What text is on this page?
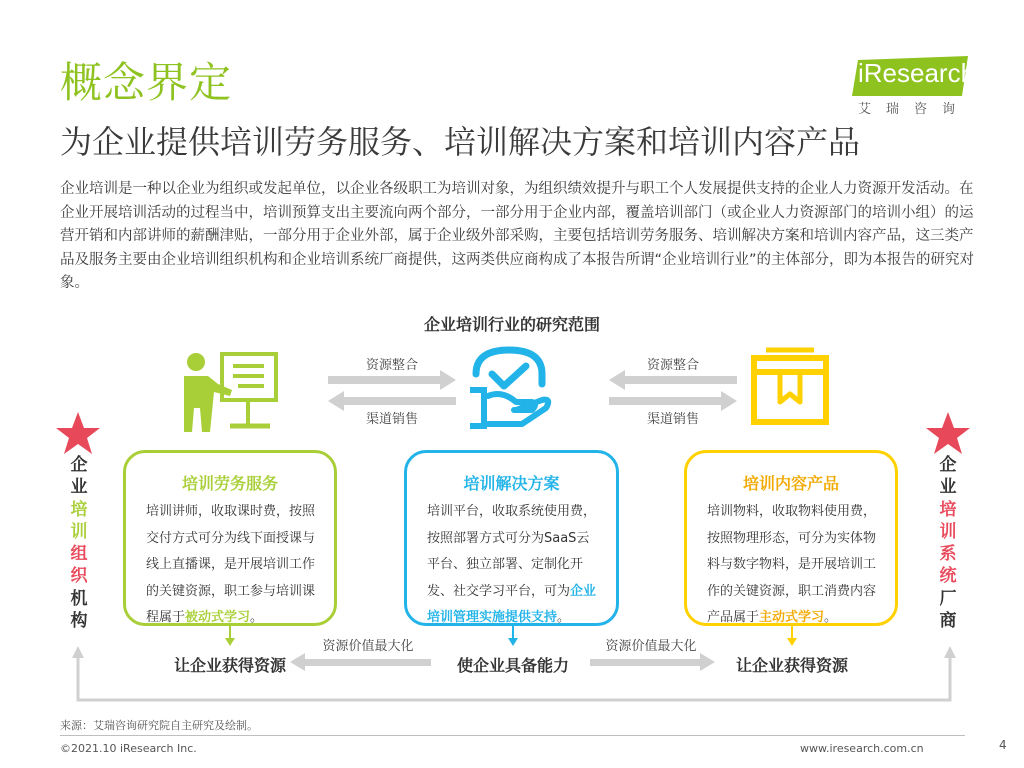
概念界定
为企业提供培训劳务服务、培训解决方案和培训内容产品
iResearch
艾瑞咨询
企业培训是一种以企业为组织或发起单位，以企业各级职工为培训对象，为组织绩效提升与职工个人发展提供支持的企业人力资源开发活动。在企业开展培训活动的过程当中，培训预算支出主要流向两个部分，一部分用于企业内部，覆盖培训部门（或企业人力资源部门的培训小组）的运营开销和内部讲师的薪酬津贴，一部分用于企业外部，属于企业级外部采购，主要包括培训劳务服务、培训解决方案和培训内容产品，这三类产品及服务主要由企业培训组织机构和企业培训系统厂商提供，这两类供应商构成了本报告所谓“企业培训行业”的主体部分，即为本报告的研究对象。
企业培训行业的研究范围
资源整合
渠道销售
资源整合
渠道销售
企
业
培
训
组
织
机
构
企
业
培
训
系
统
厂
商
培训劳务服务
培训讲师，收取课时费，按照交付方式可分为线下面授课与线上直播课，是开展培训工作的关键资源，职工参与培训课程属于被动式学习。
培训解决方案
培训平台，收取系统使用费，按照部署方式可分为SaaS云平台、独立部署、定制化开发、社交学习平台，可为企业培训管理实施提供支持。
培训内容产品
培训物料，收取物料使用费，按照物理形态，可分为实体物料与数字物料，是开展培训工作的关键资源，职工消费内容产品属于主动式学习。
让企业获得资源	使企业具备能力	让企业获得资源
资源价值最大化	资源价值最大化
来源：艾瑞咨询研究院自主研究及绘制。
©2021.10 iResearch Inc.	www.iresearch.com.cn	4
